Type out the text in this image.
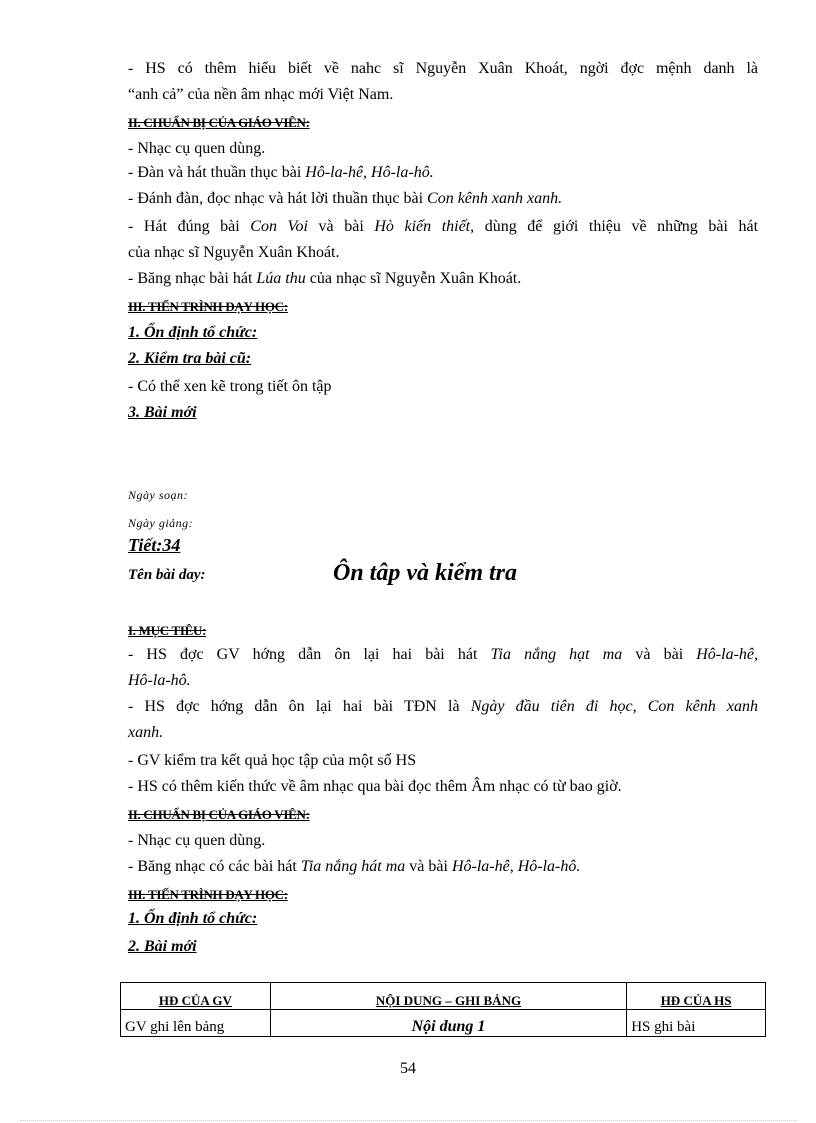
- HS có thêm hiểu biết về nahc sĩ Nguyễn Xuân Khoát, ngời đợc mệnh danh là
“anh cả” của nền âm nhạc mới Việt Nam.
II. CHUẨN BỊ CỦA GIÁO VIÊN:
- Nhạc cụ quen dùng.
- Đàn và hát thuần thục bài Hô-la-hê, Hô-la-hô.
- Đánh đàn, đọc nhạc và hát lời thuần thục bài Con kênh xanh xanh.
- Hát đúng bài Con Voi và bài Hò kiến thiết, dùng để giới thiệu về những bài hát
của nhạc sĩ Nguyễn Xuân Khoát.
- Băng nhạc bài hát Lúa thu của nhạc sĩ Nguyễn Xuân Khoát.
III. TIẾN TRÌNH DẠY HỌC:
1. Ổn định tổ chức:
2. Kiểm tra bài cũ:
- Có thể xen kẽ trong tiết ôn tập
3. Bài mới
Ngày soạn:
Ngày giảng:
Tiết:34
Tên bài day:	Ôn tâp và kiểm tra
I. MỤC TIÊU:
- HS đợc GV hớng dẫn ôn lại hai bài hát Tia nắng hạt ma và bài Hô-la-hê,
Hô-la-hô.
- HS đợc hớng dẫn ôn lại hai bài TĐN là Ngày đầu tiên đi học, Con kênh xanh
xanh.
- GV kiểm tra kết quả học tập của một số HS
- HS có thêm kiến thức về âm nhạc qua bài đọc thêm Âm nhạc có từ bao giờ.
II. CHUẨN BỊ CỦA GIÁO VIÊN:
- Nhạc cụ quen dùng.
- Băng nhạc có các bài hát Tia nắng hát ma và bài Hô-la-hê, Hô-la-hô.
III. TIẾN TRÌNH DẠY HỌC:
1. Ổn định tổ chức:
2. Bài mới
HĐ CỦA GV	NỘI DUNG – GHI BẢNG	HĐ CỦA HS
GV ghi lên bảng	Nội dung 1	HS ghi bài
54
